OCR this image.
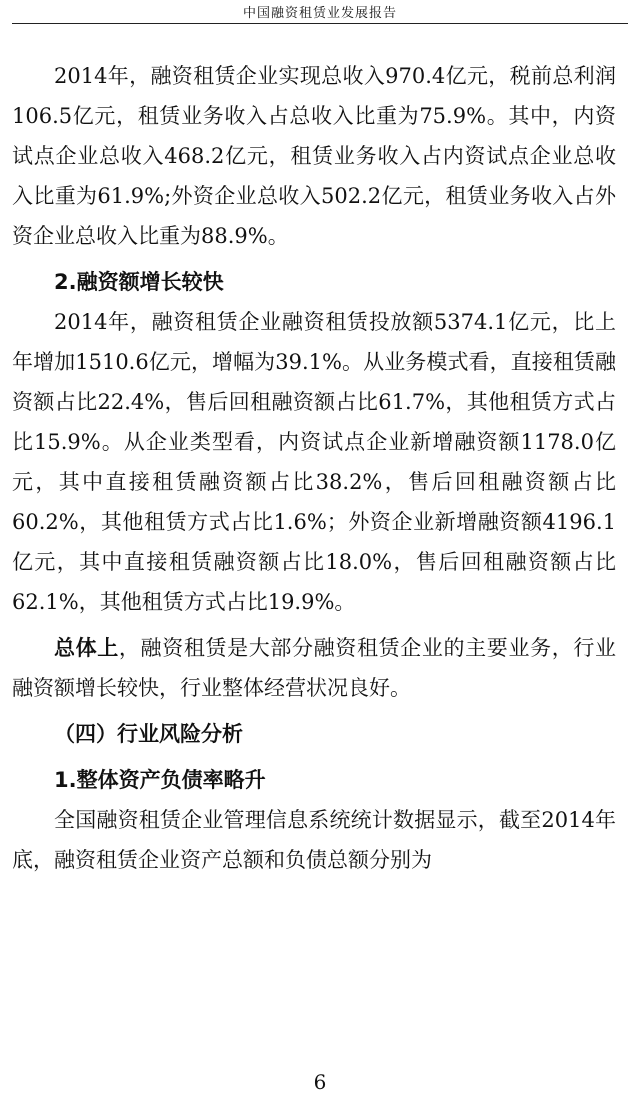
中国融资租赁业发展报告

2014年，融资租赁企业实现总收入970.4亿元，税前总利润106.5亿元，租赁业务收入占总收入比重为75.9%。其中，内资试点企业总收入468.2亿元，租赁业务收入占内资试点企业总收入比重为61.9%;外资企业总收入502.2亿元，租赁业务收入占外资企业总收入比重为88.9%。

2.融资额增长较快

2014年，融资租赁企业融资租赁投放额5374.1亿元，比上年增加1510.6亿元，增幅为39.1%。从业务模式看，直接租赁融资额占比22.4%，售后回租融资额占比61.7%，其他租赁方式占比15.9%。从企业类型看，内资试点企业新增融资额1178.0亿元，其中直接租赁融资额占比38.2%，售后回租融资额占比60.2%，其他租赁方式占比1.6%；外资企业新增融资额4196.1亿元，其中直接租赁融资额占比18.0%，售后回租融资额占比62.1%，其他租赁方式占比19.9%。

总体上，融资租赁是大部分融资租赁企业的主要业务，行业融资额增长较快，行业整体经营状况良好。

（四）行业风险分析
1.整体资产负债率略升

全国融资租赁企业管理信息系统统计数据显示，截至2014年底，融资租赁企业资产总额和负债总额分别为

6
